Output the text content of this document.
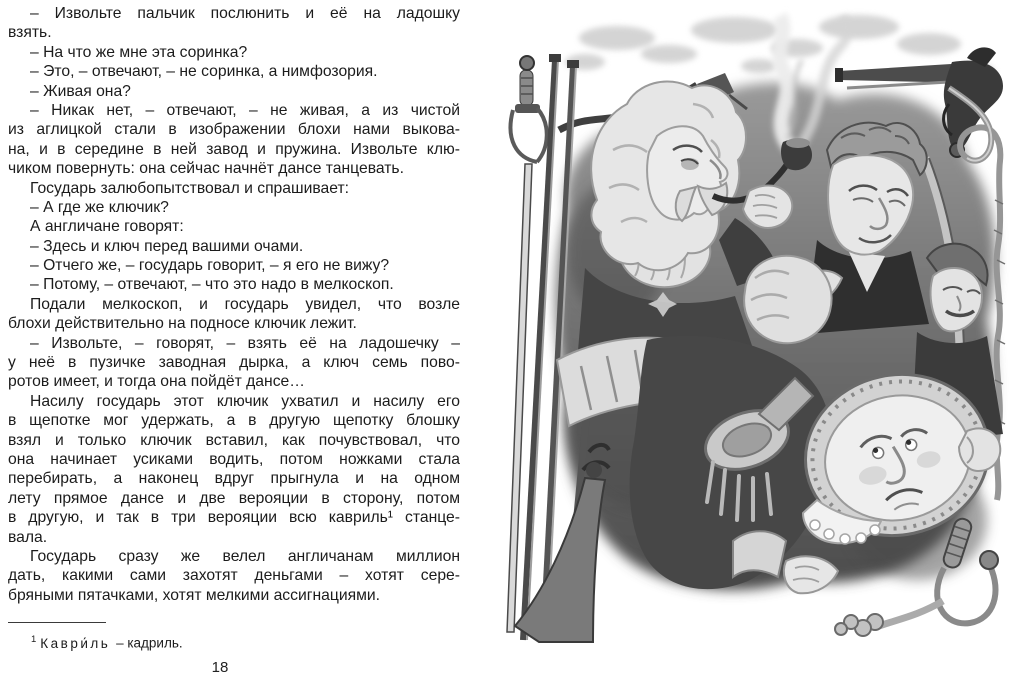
– Извольте пальчик послюнить и её на ладошку
взять.
– На что же мне эта соринка?
– Это, – отвечают, – не соринка, а нимфозория.
– Живая она?
– Никак нет, – отвечают, – не живая, а из чистой
из аглицкой стали в изображении блохи нами выкова-
на, и в середине в ней завод и пружина. Извольте клю-
чиком повернуть: она сейчас начнёт дансе танцевать.
Государь залюбопытствовал и спрашивает:
– А где же ключик?
А англичане говорят:
– Здесь и ключ перед вашими очами.
– Отчего же, – государь говорит, – я его не вижу?
– Потому, – отвечают, – что это надо в мелкоскоп.
Подали мелкоскоп, и государь увидел, что возле
блохи действительно на подносе ключик лежит.
– Извольте, – говорят, – взять её на ладошечку –
у неё в пузичке заводная дырка, а ключ семь пово-
ротов имеет, и тогда она пойдёт дансе…
Насилу государь этот ключик ухватил и насилу его
в щепотке мог удержать, а в другую щепотку блошку
взял и только ключик вставил, как почувствовал, что
она начинает усиками водить, потом ножками стала
перебирать, а наконец вдруг прыгнула и на одном
лету прямое дансе и две верояции в сторону, потом
в другую, и так в три верояции всю кавриль¹ станце-
вала.
Государь сразу же велел англичанам миллион
дать, какими сами захотят деньгами – хотят сере-
бряными пятачками, хотят мелкими ассигнациями.
$^1$ Каври́ль – кадриль.
18
